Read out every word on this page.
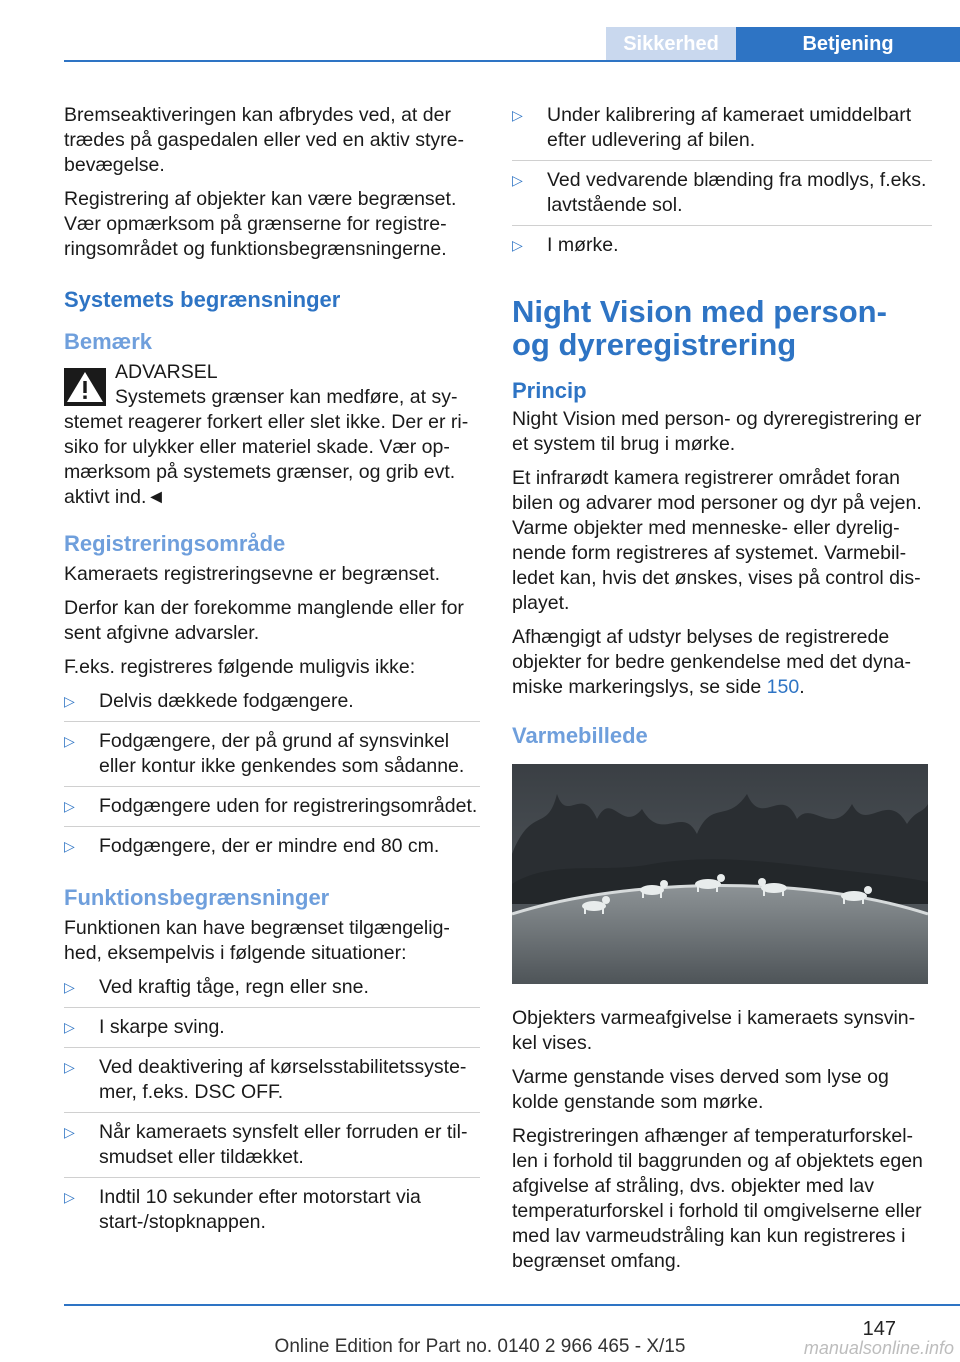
Sikkerhed	Betjening

Bremseaktiveringen kan afbrydes ved, at der trædes på gaspedalen eller ved en aktiv styrebevægelse.

Registrering af objekter kan være begrænset. Vær opmærksom på grænserne for registreringsområdet og funktionsbegrænsningerne.

Systemets begrænsninger
Bemærk
ADVARSEL
Systemets grænser kan medføre, at sy-

stemet reagerer forkert eller slet ikke. Der er risiko for ulykker eller materiel skade. Vær opmærksom på systemets grænser, og grib evt. aktivt ind.◄

Registreringsområde

Kameraets registreringsevne er begrænset.

Derfor kan der forekomme manglende eller for sent afgivne advarsler.

F.eks. registreres følgende muligvis ikke:

▷ Delvis dækkede fodgængere.
▷ Fodgængere, der på grund af synsvinkel eller kontur ikke genkendes som sådanne.
▷ Fodgængere uden for registreringsområdet.
▷ Fodgængere, der er mindre end 80 cm.
Funktionsbegrænsninger

Funktionen kan have begrænset tilgængelighed, eksempelvis i følgende situationer:

▷ Ved kraftig tåge, regn eller sne.
▷ I skarpe sving.
▷ Ved deaktivering af kørselsstabilitetssystemer, f.eks. DSC OFF.
▷ Når kameraets synsfelt eller forruden er tilsmudset eller tildækket.
▷ Indtil 10 sekunder efter motorstart via start-/stopknappen.
▷ Under kalibrering af kameraet umiddelbart efter udlevering af bilen.
▷ Ved vedvarende blænding fra modlys, f.eks. lavtstående sol.
▷ I mørke.
Night Vision med person- og dyreregistrering
Princip

Night Vision med person- og dyreregistrering er et system til brug i mørke.

Et infrarødt kamera registrerer området foran bilen og advarer mod personer og dyr på vejen. Varme objekter med menneske- eller dyrelignende form registreres af systemet. Varmebilledet kan, hvis det ønskes, vises på control displayet.

Afhængigt af udstyr belyses de registrerede objekter for bedre genkendelse med det dynamiske markeringslys, se side 150.

Varmebillede

Objekters varmeafgivelse i kameraets synsvinkel vises.

Varme genstande vises derved som lyse og kolde genstande som mørke.

Registreringen afhænger af temperaturforskellen i forhold til baggrunden og af objektets egen afgivelse af stråling, dvs. objekter med lav temperaturforskel i forhold til omgivelserne eller med lav varmeudstråling kan kun registreres i begrænset omfang.

147
Online Edition for Part no. 0140 2 966 465 - X/15	manualsonline.info
